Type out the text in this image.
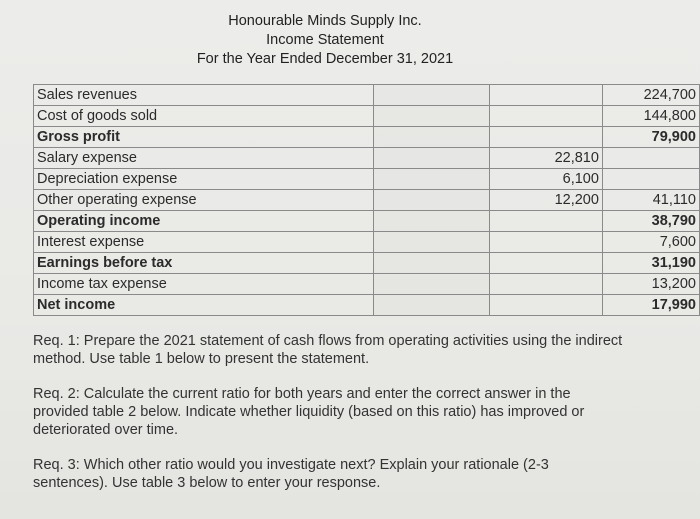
Honourable Minds Supply Inc.
Income Statement
For the Year Ended December 31, 2021
Sales revenues			224,700
Cost of goods sold			144,800
Gross profit			79,900
Salary expense		22,810	
Depreciation expense		6,100	
Other operating expense		12,200	41,110
Operating income			38,790
Interest expense			7,600
Earnings before tax			31,190
Income tax expense			13,200
Net income			17,990

Req. 1: Prepare the 2021 statement of cash flows from operating activities using the indirect method. Use table 1 below to present the statement.

Req. 2: Calculate the current ratio for both years and enter the correct answer in the provided table 2 below. Indicate whether liquidity (based on this ratio) has improved or deteriorated over time.

Req. 3: Which other ratio would you investigate next? Explain your rationale (2-3 sentences). Use table 3 below to enter your response.
